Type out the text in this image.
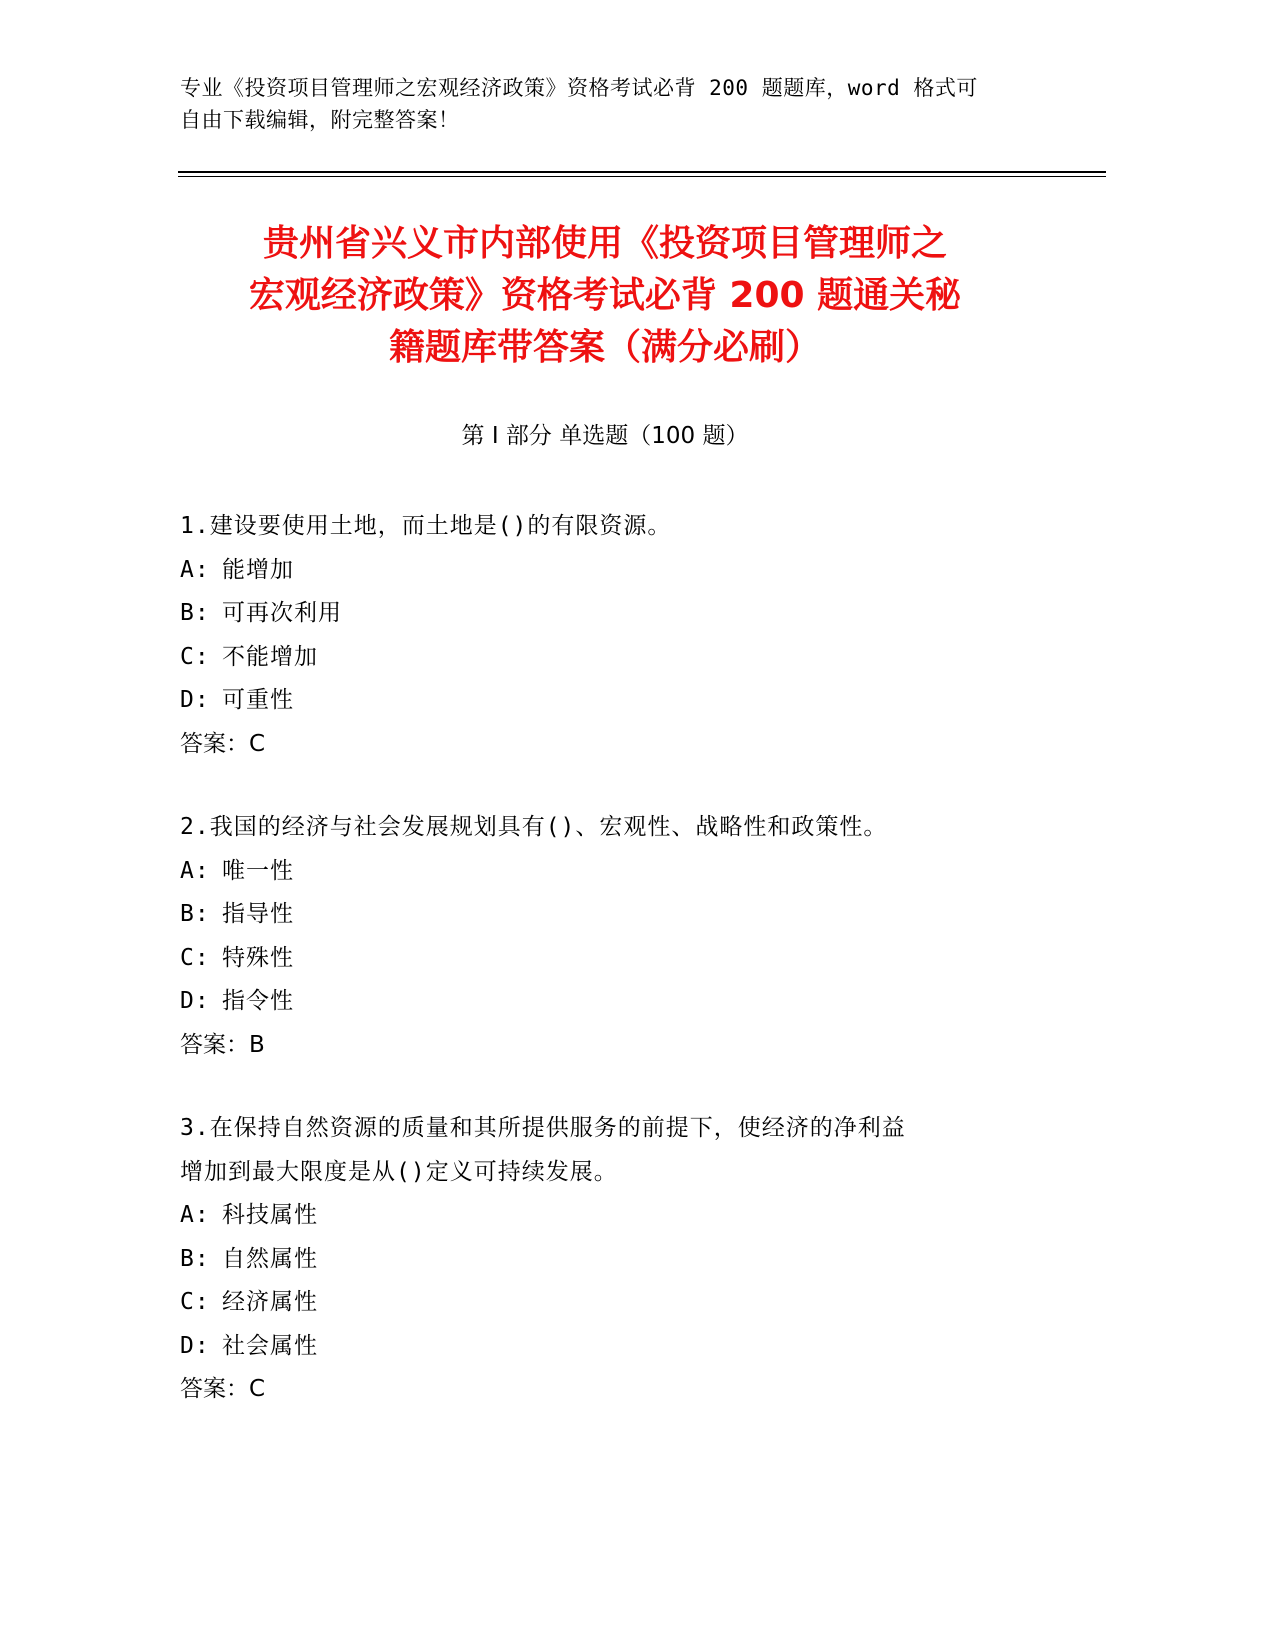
专业《投资项目管理师之宏观经济政策》资格考试必背 200 题题库，word 格式可
自由下载编辑，附完整答案！
贵州省兴义市内部使用《投资项目管理师之
宏观经济政策》资格考试必背 200 题通关秘
籍题库带答案（满分必刷）
第 I 部分 单选题（100 题）
1.建设要使用土地，而土地是()的有限资源。
A: 能增加
B: 可再次利用
C: 不能增加
D: 可重性
答案：C
2.我国的经济与社会发展规划具有()、宏观性、战略性和政策性。
A: 唯一性
B: 指导性
C: 特殊性
D: 指令性
答案：B
3.在保持自然资源的质量和其所提供服务的前提下，使经济的净利益
增加到最大限度是从()定义可持续发展。
A: 科技属性
B: 自然属性
C: 经济属性
D: 社会属性
答案：C
